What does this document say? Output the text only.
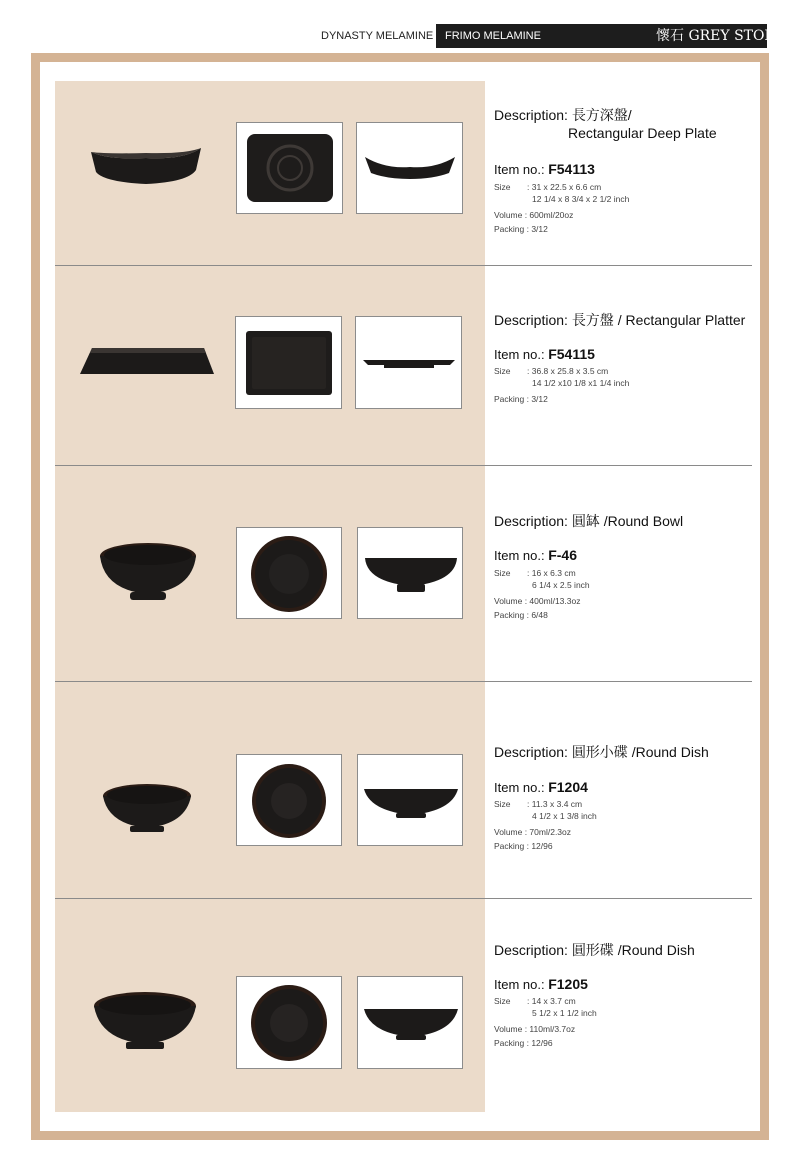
DYNASTY MELAMINE	FRIMO MELAMINE	懷石 GREY STONE
Description: 長方深盤/
Rectangular Deep Plate
Item no.: F54113
Size : 31 x 22.5 x 6.6 cm
12 1/4 x 8 3/4 x 2 1/2 inch
Volume : 600ml/20oz
Packing : 3/12
Description: 長方盤 / Rectangular Platter
Item no.: F54115
Size : 36.8 x 25.8 x 3.5 cm
14 1/2 x10 1/8 x1 1/4 inch
Packing : 3/12
Description: 圓缽 /Round Bowl
Item no.: F-46
Size : 16 x 6.3 cm
6 1/4 x 2.5 inch
Volume : 400ml/13.3oz
Packing : 6/48
Description: 圓形小碟 /Round Dish
Item no.: F1204
Size : 11.3 x 3.4 cm
4 1/2 x 1 3/8 inch
Volume : 70ml/2.3oz
Packing : 12/96
Description: 圓形碟 /Round Dish
Item no.: F1205
Size : 14 x 3.7 cm
5 1/2 x 1 1/2 inch
Volume : 110ml/3.7oz
Packing : 12/96
